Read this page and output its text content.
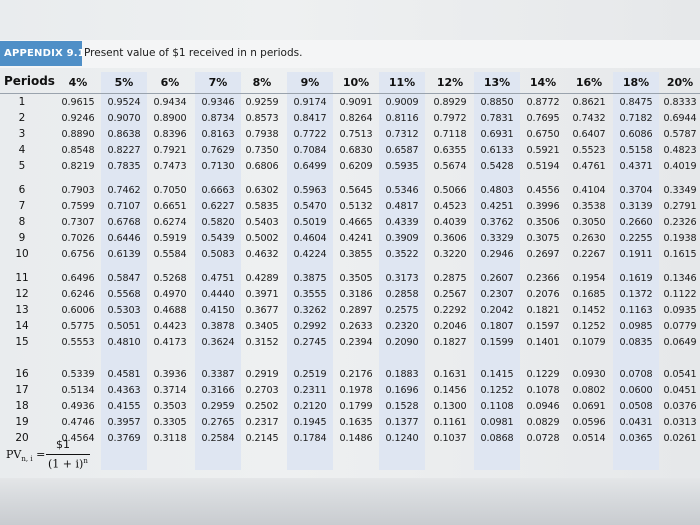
APPENDIX 9.1 Present value of $1 received in n periods.
Periods 4% 5% 6%	7% 8%	9% 10% 11% 12% 13% 14% 16% 18% 20%
1	0.9615 0.9524 0.9434 0.9346 0.9259 0.9174 0.9091 0.9009 0.8929 0.8850 0.8772 0.8621 0.8475 0.8333
2	0.9246 0.9070 0.8900 0.8734 0.8573 0.8417 0.8264 0.8116 0.7972 0.7831 0.7695 0.7432 0.7182 0.6944
3	0.8890 0.8638 0.8396 0.8163 0.7938 0.7722 0.7513 0.7312 0.7118 0.6931 0.6750 0.6407 0.6086 0.5787
4	0.8548 0.8227 0.7921 0.7629 0.7350 0.7084 0.6830 0.6587 0.6355 0.6133 0.5921 0.5523 0.5158 0.4823
5	0.8219 0.7835 0.7473 0.7130 0.6806 0.6499 0.6209 0.5935 0.5674 0.5428 0.5194 0.4761 0.4371 0.4019
6	0.7903 0.7462 0.7050 0.6663 0.6302 0.5963 0.5645 0.5346 0.5066 0.4803 0.4556 0.4104 0.3704 0.3349
7	0.7599 0.7107 0.6651 0.6227 0.5835 0.5470 0.5132 0.4817 0.4523 0.4251 0.3996 0.3538 0.3139 0.2791
8	0.7307 0.6768 0.6274 0.5820 0.5403 0.5019 0.4665 0.4339 0.4039 0.3762 0.3506 0.3050 0.2660 0.2326
9	0.7026 0.6446 0.5919 0.5439 0.5002 0.4604 0.4241 0.3909 0.3606 0.3329 0.3075 0.2630 0.2255 0.1938
10	0.6756 0.6139 0.5584 0.5083 0.4632 0.4224 0.3855 0.3522 0.3220 0.2946 0.2697 0.2267 0.1911 0.1615
11	0.6496 0.5847 0.5268 0.4751 0.4289 0.3875 0.3505 0.3173 0.2875 0.2607 0.2366 0.1954 0.1619 0.1346
12	0.6246 0.5568 0.4970 0.4440 0.3971 0.3555 0.3186 0.2858 0.2567 0.2307 0.2076 0.1685 0.1372 0.1122
13	0.6006 0.5303 0.4688 0.4150 0.3677 0.3262 0.2897 0.2575 0.2292 0.2042 0.1821 0.1452 0.1163 0.0935
14	0.5775 0.5051 0.4423 0.3878 0.3405 0.2992 0.2633 0.2320 0.2046 0.1807 0.1597 0.1252 0.0985 0.0779
15	0.5553 0.4810 0.4173 0.3624 0.3152 0.2745 0.2394 0.2090 0.1827 0.1599 0.1401 0.1079 0.0835 0.0649
16	0.5339 0.4581 0.3936 0.3387 0.2919 0.2519 0.2176 0.1883 0.1631 0.1415 0.1229 0.0930 0.0708 0.0541
17	0.5134 0.4363 0.3714 0.3166 0.2703 0.2311 0.1978 0.1696 0.1456 0.1252 0.1078 0.0802 0.0600 0.0451
18	0.4936 0.4155 0.3503 0.2959 0.2502 0.2120 0.1799 0.1528 0.1300 0.1108 0.0946 0.0691 0.0508 0.0376
19	0.4746 0.3957 0.3305 0.2765 0.2317 0.1945 0.1635 0.1377 0.1161 0.0981 0.0829 0.0596 0.0431 0.0313
20	0.4564 0.3769 0.3118 0.2584 0.2145 0.1784 0.1486 0.1240 0.1037 0.0868 0.0728 0.0514 0.0365 0.0261
$PV_{n, i}$ =
$1
$(1 + i)^n$
